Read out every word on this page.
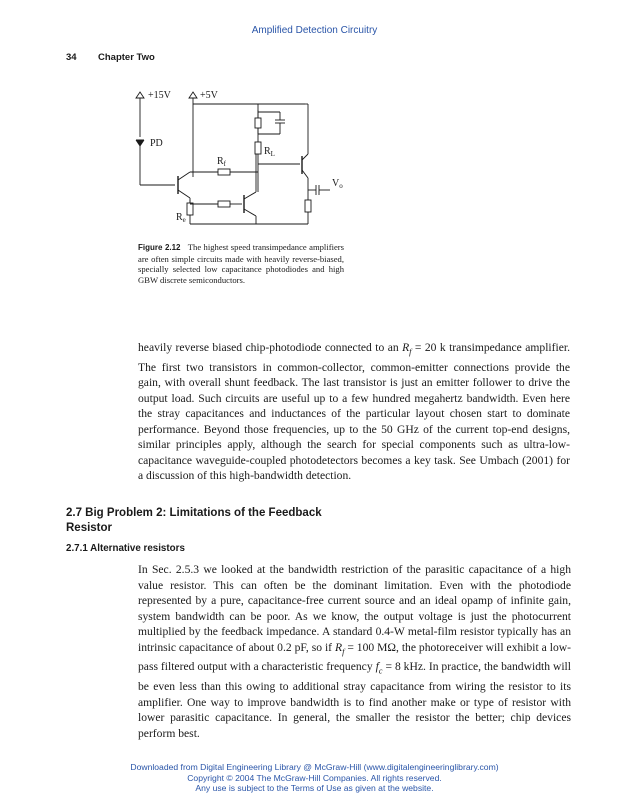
Amplified Detection Circuitry
34 Chapter Two
+15V	+5V
PD
$R_f$
$R_L$
$V_o$
$R_e$
Figure 2.12 The highest speed transimpedance amplifiers are often simple circuits made with heavily reverse-biased, specially selected low capacitance photodiodes and high GBW discrete semiconductors.
heavily reverse biased chip-photodiode connected to an $R_f = 20$ k transimpedance amplifier. The first two transistors in common-collector, common-emitter connections provide the gain, with overall shunt feedback. The last transistor is just an emitter follower to drive the output load. Such circuits are useful up to a few hundred megahertz bandwidth. Even here the stray capacitances and inductances of the particular layout chosen start to dominate performance. Beyond those frequencies, up to the 50 GHz of the current top-end designs, similar principles apply, although the search for special components such as ultra-low-capacitance waveguide-coupled photodetectors becomes a key task. See Umbach (2001) for a discussion of this high-bandwidth detection.
2.7 Big Problem 2: Limitations of the Feedback Resistor
2.7.1 Alternative resistors
In Sec. 2.5.3 we looked at the bandwidth restriction of the parasitic capacitance of a high value resistor. This can often be the dominant limitation. Even with the photodiode represented by a pure, capacitance-free current source and an ideal opamp of infinite gain, system bandwidth can be poor. As we know, the output voltage is just the photocurrent multiplied by the feedback impedance. A standard 0.4-W metal-film resistor typically has an intrinsic capacitance of about 0.2 pF, so if $R_f = 100$ MΩ, the photoreceiver will exhibit a low-pass filtered output with a characteristic frequency $f_c = 8$ kHz. In practice, the bandwidth will be even less than this owing to additional stray capacitance from wiring the resistor to its amplifier. One way to improve bandwidth is to find another make or type of resistor with lower parasitic capacitance. In general, the smaller the resistor the better; chip devices perform best.
Downloaded from Digital Engineering Library @ McGraw-Hill (www.digitalengineeringlibrary.com)
Copyright © 2004 The McGraw-Hill Companies. All rights reserved.
Any use is subject to the Terms of Use as given at the website.
